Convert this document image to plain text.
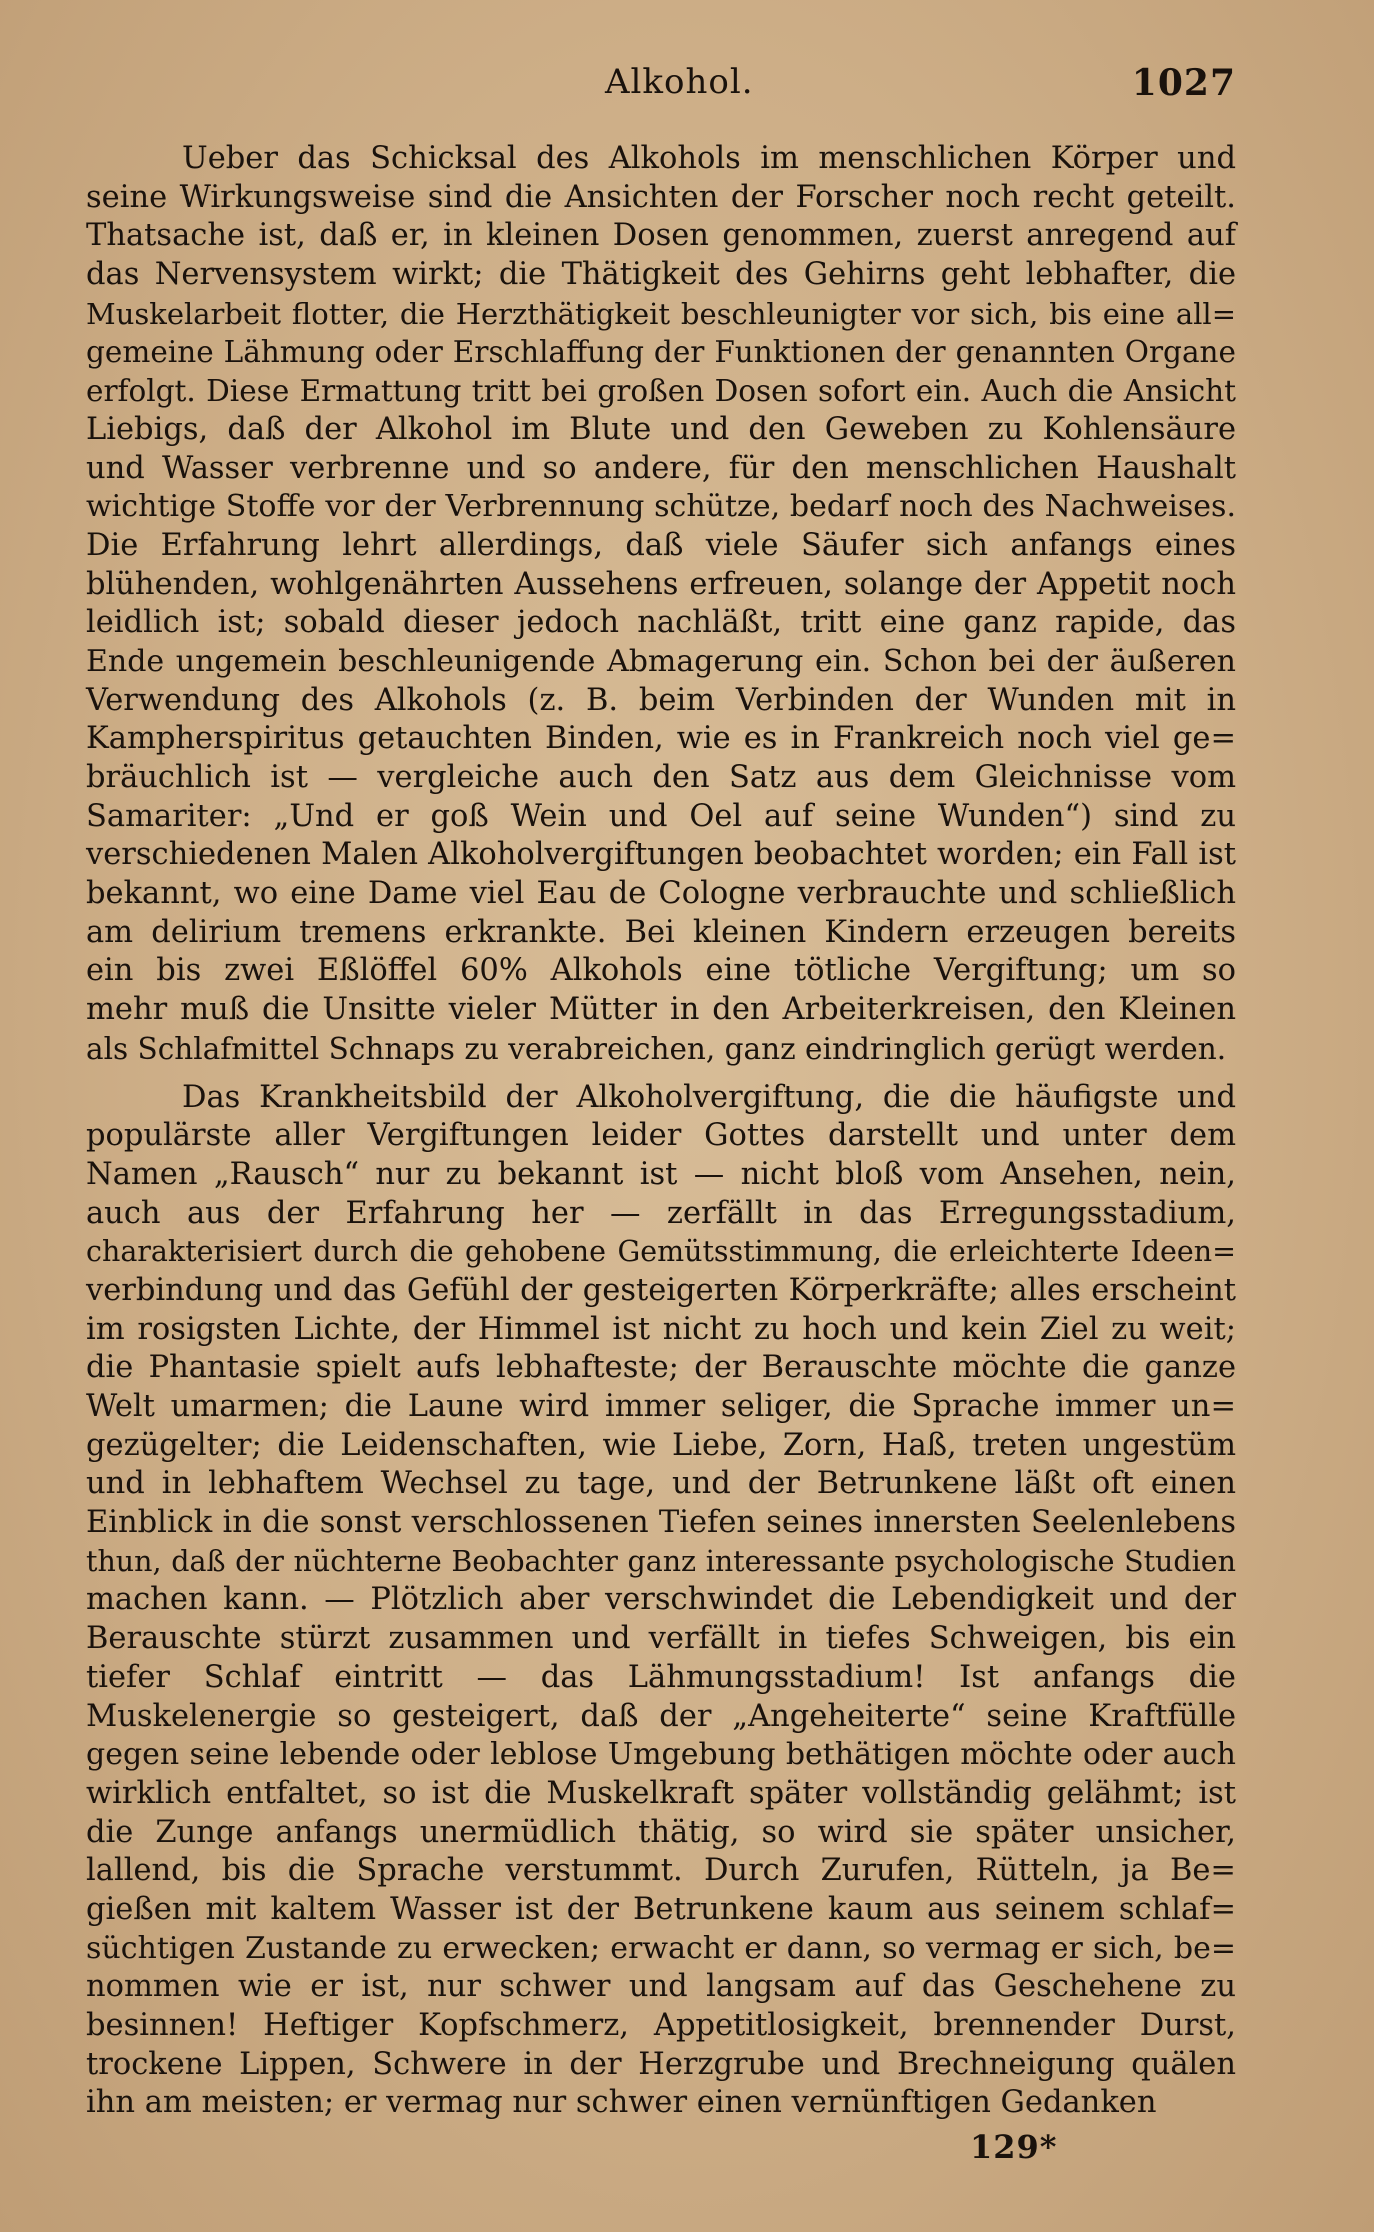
Alkohol.	1027
Ueber das Schicksal des Alkohols im menschlichen Körper und
seine Wirkungsweise sind die Ansichten der Forscher noch recht geteilt.
Thatsache ist, daß er, in kleinen Dosen genommen, zuerst anregend auf
das Nervensystem wirkt; die Thätigkeit des Gehirns geht lebhafter, die
Muskelarbeit flotter, die Herzthätigkeit beschleunigter vor sich, bis eine all=
gemeine Lähmung oder Erschlaffung der Funktionen der genannten Organe
erfolgt. Diese Ermattung tritt bei großen Dosen sofort ein. Auch die Ansicht
Liebigs, daß der Alkohol im Blute und den Geweben zu Kohlensäure
und Wasser verbrenne und so andere, für den menschlichen Haushalt
wichtige Stoffe vor der Verbrennung schütze, bedarf noch des Nachweises.
Die Erfahrung lehrt allerdings, daß viele Säufer sich anfangs eines
blühenden, wohlgenährten Aussehens erfreuen, solange der Appetit noch
leidlich ist; sobald dieser jedoch nachläßt, tritt eine ganz rapide, das
Ende ungemein beschleunigende Abmagerung ein. Schon bei der äußeren
Verwendung des Alkohols (z. B. beim Verbinden der Wunden mit in
Kampherspiritus getauchten Binden, wie es in Frankreich noch viel ge=
bräuchlich ist — vergleiche auch den Satz aus dem Gleichnisse vom
Samariter: „Und er goß Wein und Oel auf seine Wunden“) sind zu
verschiedenen Malen Alkoholvergiftungen beobachtet worden; ein Fall ist
bekannt, wo eine Dame viel Eau de Cologne verbrauchte und schließlich
am delirium tremens erkrankte. Bei kleinen Kindern erzeugen bereits
ein bis zwei Eßlöffel 60% Alkohols eine tötliche Vergiftung; um so
mehr muß die Unsitte vieler Mütter in den Arbeiterkreisen, den Kleinen
als Schlafmittel Schnaps zu verabreichen, ganz eindringlich gerügt werden.
Das Krankheitsbild der Alkoholvergiftung, die die häufigste und
populärste aller Vergiftungen leider Gottes darstellt und unter dem
Namen „Rausch“ nur zu bekannt ist — nicht bloß vom Ansehen, nein,
auch aus der Erfahrung her — zerfällt in das Erregungsstadium,
charakterisiert durch die gehobene Gemütsstimmung, die erleichterte Ideen=
verbindung und das Gefühl der gesteigerten Körperkräfte; alles erscheint
im rosigsten Lichte, der Himmel ist nicht zu hoch und kein Ziel zu weit;
die Phantasie spielt aufs lebhafteste; der Berauschte möchte die ganze
Welt umarmen; die Laune wird immer seliger, die Sprache immer un=
gezügelter; die Leidenschaften, wie Liebe, Zorn, Haß, treten ungestüm
und in lebhaftem Wechsel zu tage, und der Betrunkene läßt oft einen
Einblick in die sonst verschlossenen Tiefen seines innersten Seelenlebens
thun, daß der nüchterne Beobachter ganz interessante psychologische Studien
machen kann. — Plötzlich aber verschwindet die Lebendigkeit und der
Berauschte stürzt zusammen und verfällt in tiefes Schweigen, bis ein
tiefer Schlaf eintritt — das Lähmungsstadium! Ist anfangs die
Muskelenergie so gesteigert, daß der „Angeheiterte“ seine Kraftfülle
gegen seine lebende oder leblose Umgebung bethätigen möchte oder auch
wirklich entfaltet, so ist die Muskelkraft später vollständig gelähmt; ist
die Zunge anfangs unermüdlich thätig, so wird sie später unsicher,
lallend, bis die Sprache verstummt. Durch Zurufen, Rütteln, ja Be=
gießen mit kaltem Wasser ist der Betrunkene kaum aus seinem schlaf=
süchtigen Zustande zu erwecken; erwacht er dann, so vermag er sich, be=
nommen wie er ist, nur schwer und langsam auf das Geschehene zu
besinnen! Heftiger Kopfschmerz, Appetitlosigkeit, brennender Durst,
trockene Lippen, Schwere in der Herzgrube und Brechneigung quälen
ihn am meisten; er vermag nur schwer einen vernünftigen Gedanken
129*
